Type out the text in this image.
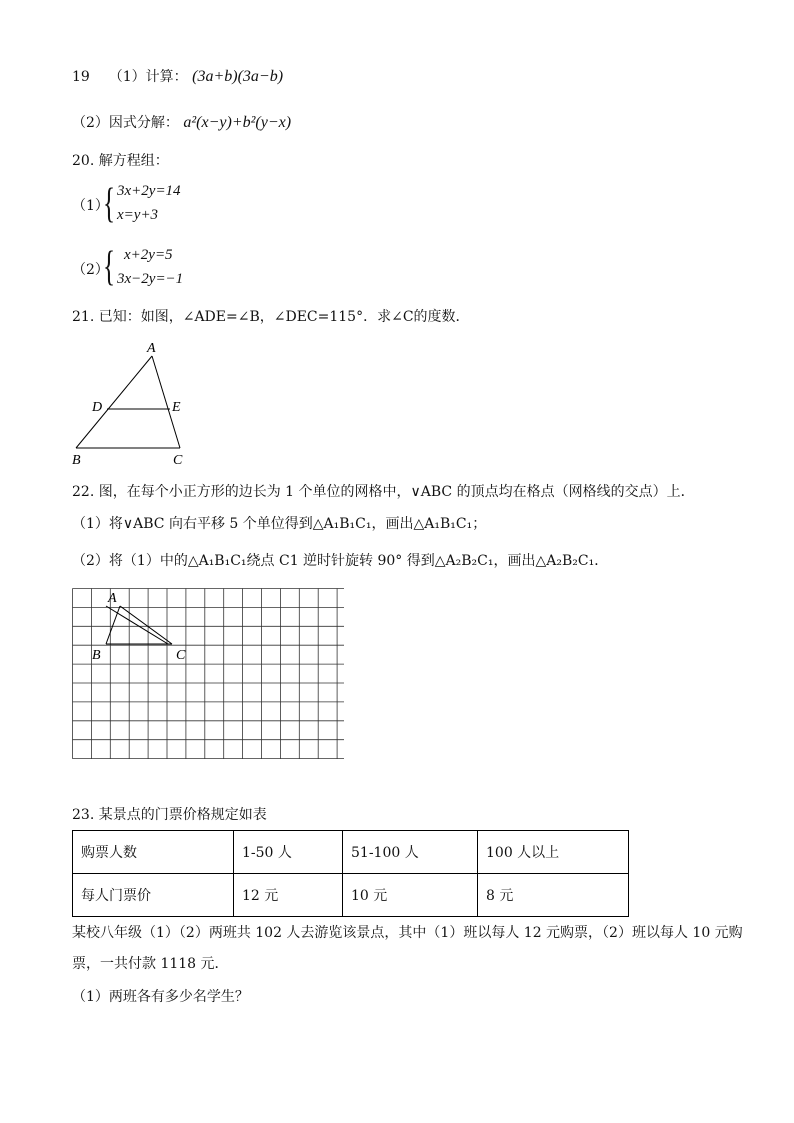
19 （1）计算： (3a+b)(3a−b)
（2）因式分解： a²(x−y)+b²(y−x)
20. 解方程组：
（1）
{ 3x+2y=14
x=y+3
（2）
{ x+2y=5
3x−2y=−1
21. 已知：如图，∠ADE=∠B，∠DEC=115°．求∠C的度数．
A
D	E
B	C
22. 图，在每个小正方形的边长为 1 个单位的网格中，∨ABC 的顶点均在格点（网格线的交点）上．
（1）将∨ABC 向右平移 5 个单位得到△A₁B₁C₁，画出△A₁B₁C₁；
（2）将（1）中的△A₁B₁C₁绕点 C1 逆时针旋转 90° 得到△A₂B₂C₁，画出△A₂B₂C₁．
A
B	C
23. 某景点的门票价格规定如表
购票人数	1-50 人	51-100 人	100 人以上
每人门票价	12 元	10 元	8 元
某校八年级（1）（2）两班共 102 人去游览该景点，其中（1）班以每人 12 元购票，（2）班以每人 10 元购
票，一共付款 1118 元．
（1）两班各有多少名学生？
